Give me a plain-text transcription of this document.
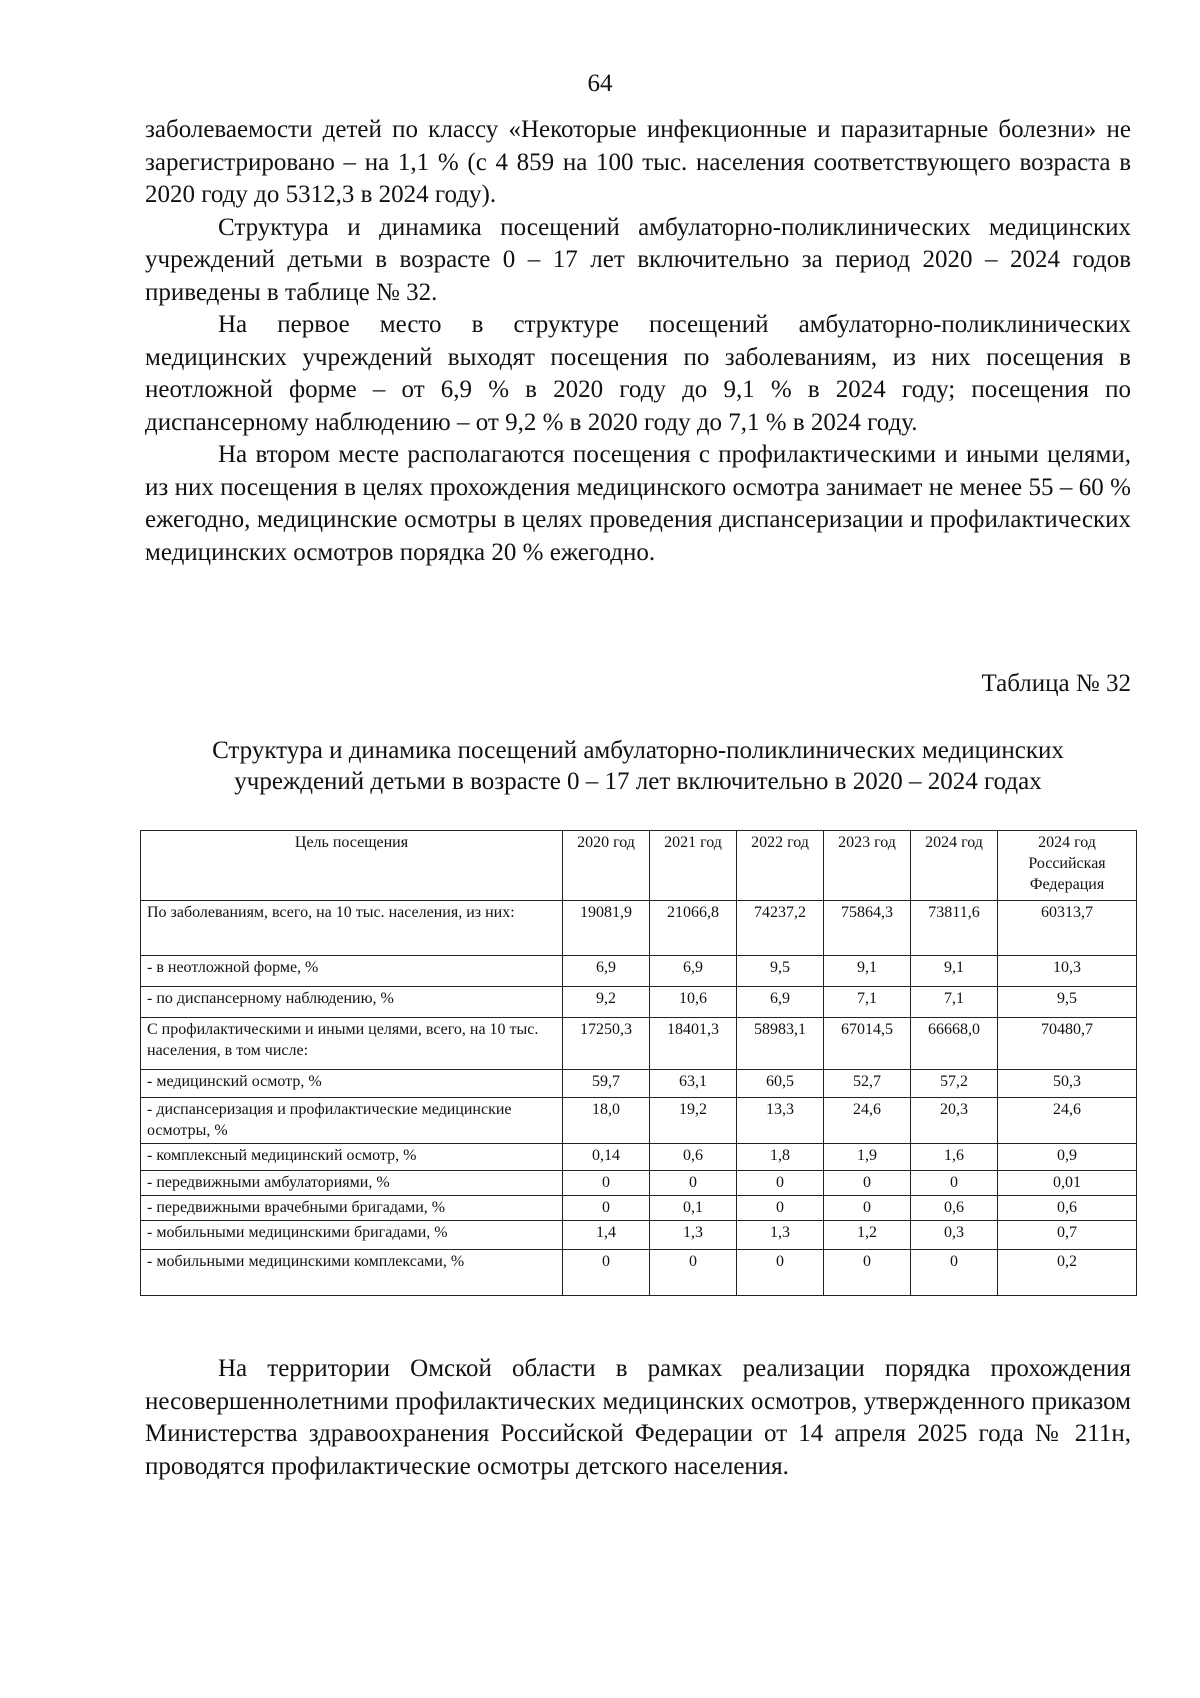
64

заболеваемости детей по классу «Некоторые инфекционные и паразитарные болезни» не зарегистрировано – на 1,1 % (с 4 859 на 100 тыс. населения соответствующего возраста в 2020 году до 5312,3 в 2024 году).

Структура и динамика посещений амбулаторно-поликлинических медицинских учреждений детьми в возрасте 0 – 17 лет включительно за период 2020 – 2024 годов приведены в таблице № 32.

На первое место в структуре посещений амбулаторно-поликлинических медицинских учреждений выходят посещения по заболеваниям, из них посещения в неотложной форме – от 6,9 % в 2020 году до 9,1 % в 2024 году; посещения по диспансерному наблюдению – от 9,2 % в 2020 году до 7,1 % в 2024 году.

На втором месте располагаются посещения с профилактическими и иными целями, из них посещения в целях прохождения медицинского осмотра занимает не менее 55 – 60 % ежегодно, медицинские осмотры в целях проведения диспансеризации и профилактических медицинских осмотров порядка 20 % ежегодно.

Таблица № 32
Структура и динамика посещений амбулаторно-поликлинических медицинских
учреждений детьми в возрасте 0 – 17 лет включительно в 2020 – 2024 годах
Цель посещения	2020 год	2021 год	2022 год	2023 год	2024 год	2024 год Российская Федерация
По заболеваниям, всего, на 10 тыс. населения, из них:	19081,9	21066,8	74237,2	75864,3	73811,6	60313,7
- в неотложной форме, %	6,9	6,9	9,5	9,1	9,1	10,3
- по диспансерному наблюдению, %	9,2	10,6	6,9	7,1	7,1	9,5
С профилактическими и иными целями, всего, на 10 тыс. населения, в том числе:	17250,3	18401,3	58983,1	67014,5	66668,0	70480,7
- медицинский осмотр, %	59,7	63,1	60,5	52,7	57,2	50,3
- диспансеризация и профилактические медицинские осмотры, %	18,0	19,2	13,3	24,6	20,3	24,6
- комплексный медицинский осмотр, %	0,14	0,6	1,8	1,9	1,6	0,9
- передвижными амбулаториями, %	0	0	0	0	0	0,01
- передвижными врачебными бригадами, %	0	0,1	0	0	0,6	0,6
- мобильными медицинскими бригадами, %	1,4	1,3	1,3	1,2	0,3	0,7
- мобильными медицинскими комплексами, %	0	0	0	0	0	0,2

На территории Омской области в рамках реализации порядка прохождения несовершеннолетними профилактических медицинских осмотров, утвержденного приказом Министерства здравоохранения Российской Федерации от 14 апреля 2025 года № 211н, проводятся профилактические осмотры детского населения.
